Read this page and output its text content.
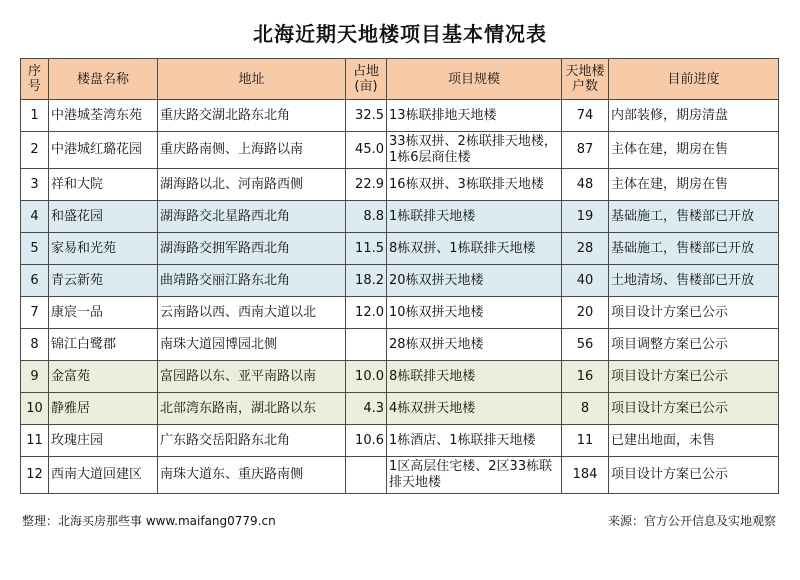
北海近期天地楼项目基本情况表
序号	楼盘名称	地址	占地(亩)	项目规模	天地楼户数	目前进度
1	中港城荃湾东苑	重庆路交湖北路东北角	32.5	13栋联排地天地楼	74	内部装修，期房清盘
2	中港城红璐花园	重庆路南侧、上海路以南	45.0	33栋双拼、2栋联排天地楼，1栋6层商住楼	87	主体在建，期房在售
3	祥和大院	湖海路以北、河南路西侧	22.9	16栋双拼、3栋联排天地楼	48	主体在建，期房在售
4	和盛花园	湖海路交北星路西北角	8.8	1栋联排天地楼	19	基础施工，售楼部已开放
5	家易和光苑	湖海路交拥军路西北角	11.5	8栋双拼、1栋联排天地楼	28	基础施工，售楼部已开放
6	青云新苑	曲靖路交丽江路东北角	18.2	20栋双拼天地楼	40	土地清场、售楼部已开放
7	康宸一品	云南路以西、西南大道以北	12.0	10栋双拼天地楼	20	项目设计方案已公示
8	锦江白鹭郡	南珠大道园博园北侧		28栋双拼天地楼	56	项目调整方案已公示
9	金富苑	富园路以东、亚平南路以南	10.0	8栋联排天地楼	16	项目设计方案已公示
10	静雅居	北部湾东路南，湖北路以东	4.3	4栋双拼天地楼	8	项目设计方案已公示
11	玫瑰庄园	广东路交岳阳路东北角	10.6	1栋酒店、1栋联排天地楼	11	已建出地面，未售
12	西南大道回建区	南珠大道东、重庆路南侧		1区高层住宅楼、2区33栋联排天地楼	184	项目设计方案已公示
整理：北海买房那些事 www.maifang0779.cn	来源：官方公开信息及实地观察
